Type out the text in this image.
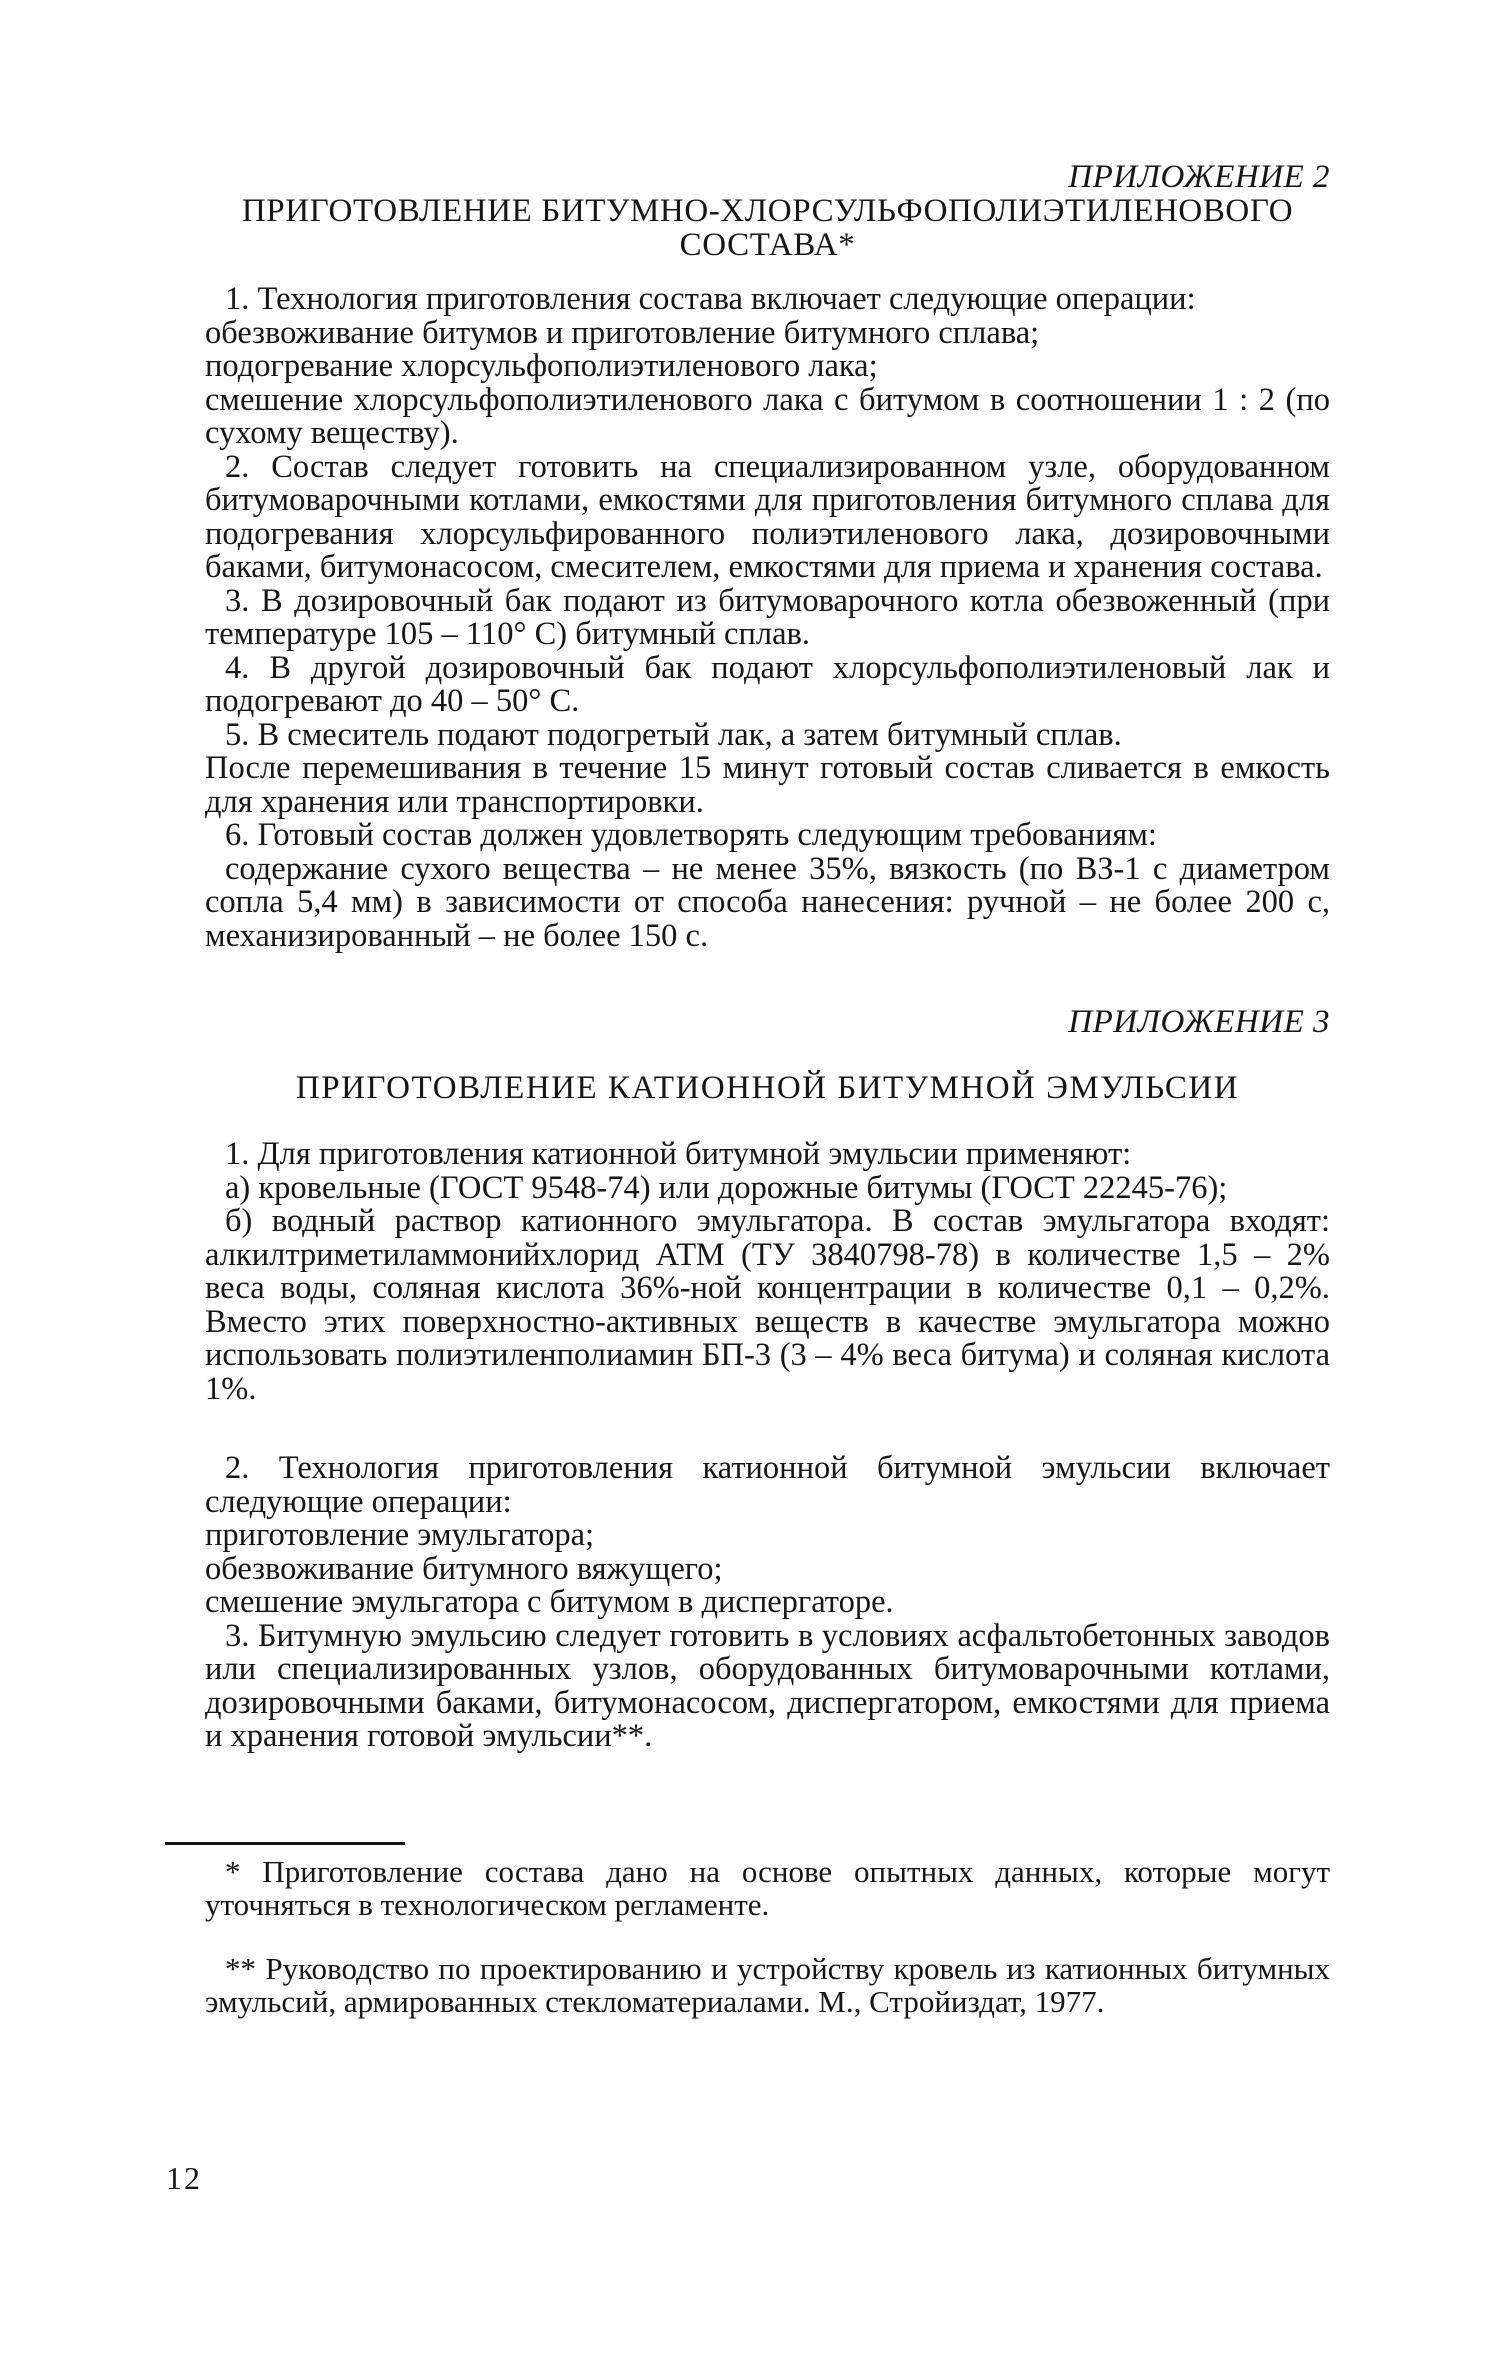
ПРИЛОЖЕНИЕ 2

ПРИГОТОВЛЕНИЕ БИТУМНО-ХЛОРСУЛЬФОПОЛИЭТИЛЕНОВОГО

СОСТАВА*

1. Технология приготовления состава включает следующие операции:

обезвоживание битумов и приготовление битумного сплава;

подогревание хлорсульфополиэтиленового лака;

смешение хлорсульфополиэтиленового лака с битумом в соотношении 1 : 2 (по сухому веществу).

2. Состав следует готовить на специализированном узле, оборудованном битумоварочными котлами, емкостями для приготовления битумного сплава для подогревания хлорсульфированного полиэтиленового лака, дозировочными баками, битумонасосом, смесителем, емкостями для приема и хранения состава.

3. В дозировочный бак подают из битумоварочного котла обезвоженный (при температуре 105 – 110° С) битумный сплав.

4. В другой дозировочный бак подают хлорсульфополиэтиленовый лак и подогревают до 40 – 50° С.

5. В смеситель подают подогретый лак, а затем битумный сплав.

После перемешивания в течение 15 минут готовый состав сливается в емкость для хранения или транспортировки.

6. Готовый состав должен удовлетворять следующим требованиям:

содержание сухого вещества – не менее 35%, вязкость (по ВЗ-1 с диаметром сопла 5,4 мм) в зависимости от способа нанесения: ручной – не более 200 с, механизированный – не более 150 с.

ПРИЛОЖЕНИЕ 3

ПРИГОТОВЛЕНИЕ КАТИОННОЙ БИТУМНОЙ ЭМУЛЬСИИ

1. Для приготовления катионной битумной эмульсии применяют:

а) кровельные (ГОСТ 9548-74) или дорожные битумы (ГОСТ 22245-76);

б) водный раствор катионного эмульгатора. В состав эмульгатора входят: алкилтриметиламмонийхлорид АТМ (ТУ 3840798-78) в количестве 1,5 – 2% веса воды, соляная кислота 36%-ной концентрации в количестве 0,1 – 0,2%. Вместо этих поверхностно-активных веществ в качестве эмульгатора можно использовать полиэтиленполиамин БП-3 (3 – 4% веса битума) и соляная кислота 1%.

2. Технология приготовления катионной битумной эмульсии включает следующие операции:

приготовление эмульгатора;

обезвоживание битумного вяжущего;

смешение эмульгатора с битумом в диспергаторе.

3. Битумную эмульсию следует готовить в условиях асфальтобетонных заводов или специализированных узлов, оборудованных битумоварочными котлами, дозировочными баками, битумонасосом, диспергатором, емкостями для приема и хранения готовой эмульсии**.

* Приготовление состава дано на основе опытных данных, которые могут уточняться в технологическом регламенте.

** Руководство по проектированию и устройству кровель из катионных битумных эмульсий, армированных стекломатериалами. М., Стройиздат, 1977.

12
